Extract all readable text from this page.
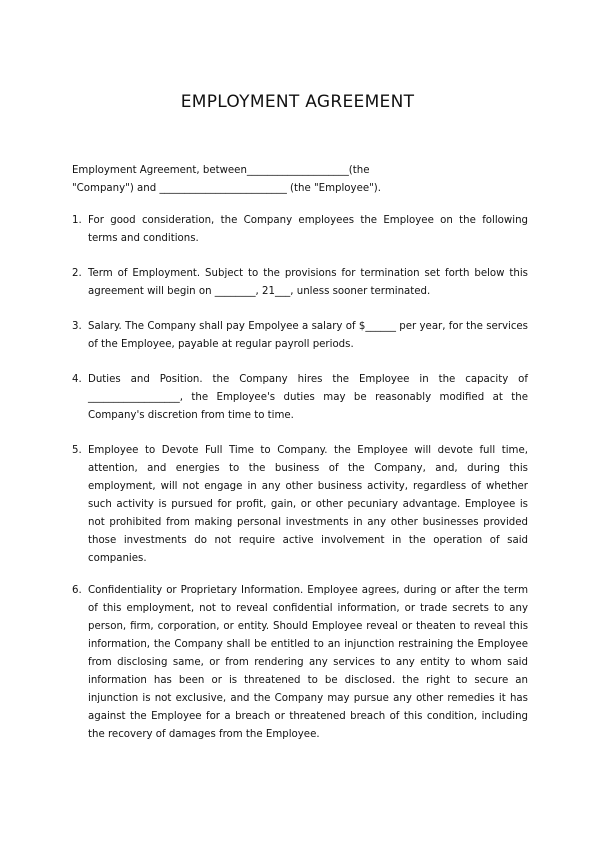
EMPLOYMENT AGREEMENT

Employment Agreement, between____________________(the

"Company") and _________________________ (the "Employee").

1. For good consideration, the Company employees the Employee on the following terms and conditions.
2. Term of Employment. Subject to the provisions for termination set forth below this agreement will begin on ________, 21___, unless sooner terminated.
3. Salary. The Company shall pay Empolyee a salary of $______ per year, for the services of the Employee, payable at regular payroll periods.
4. Duties and Position. the Company hires the Employee in the capacity of __________________, the Employee's duties may be reasonably modified at the Company's discretion from time to time.
5. Employee to Devote Full Time to Company. the Employee will devote full time, attention, and energies to the business of the Company, and, during this employment, will not engage in any other business activity, regardless of whether such activity is pursued for profit, gain, or other pecuniary advantage. Employee is not prohibited from making personal investments in any other businesses provided those investments do not require active involvement in the operation of said companies.
6. Confidentiality or Proprietary Information. Employee agrees, during or after the term of this employment, not to reveal confidential information, or trade secrets to any person, firm, corporation, or entity. Should Employee reveal or theaten to reveal this information, the Company shall be entitled to an injunction restraining the Employee from disclosing same, or from rendering any services to any entity to whom said information has been or is threatened to be disclosed. the right to secure an injunction is not exclusive, and the Company may pursue any other remedies it has against the Employee for a breach or threatened breach of this condition, including the recovery of damages from the Employee.
